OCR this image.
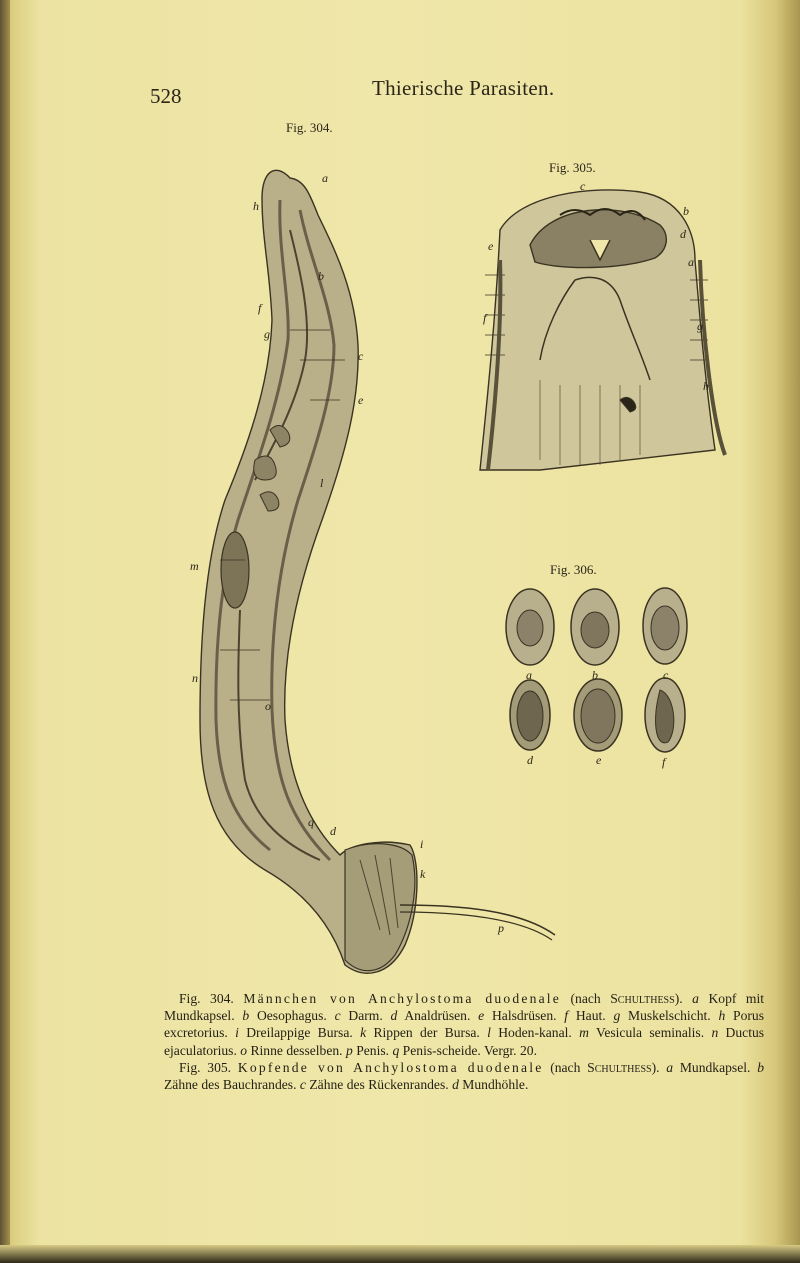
528	Thierische Parasiten.
Fig. 304.
Fig. 305.
Fig. 306.
a
h
b
f
g
c
e
l
m
n
o
q
d
i
k
p
c
b
d
a
e
f
g
h
a	b	c
d	e	f

Fig. 304. Männchen von Anchylostoma duodenale (nach Schulthess). a Kopf mit Mundkapsel. b Oesophagus. c Darm. d Analdrüsen. e Halsdrüsen. f Haut. g Muskelschicht. h Porus excretorius. i Dreilappige Bursa. k Rippen der Bursa. l Hoden-kanal. m Vesicula seminalis. n Ductus ejaculatorius. o Rinne desselben. p Penis. q Penis-scheide. Vergr. 20.

Fig. 305. Kopfende von Anchylostoma duodenale (nach Schulthess). a Mundkapsel. b Zähne des Bauchrandes. c Zähne des Rückenrandes. d Mundhöhle.
